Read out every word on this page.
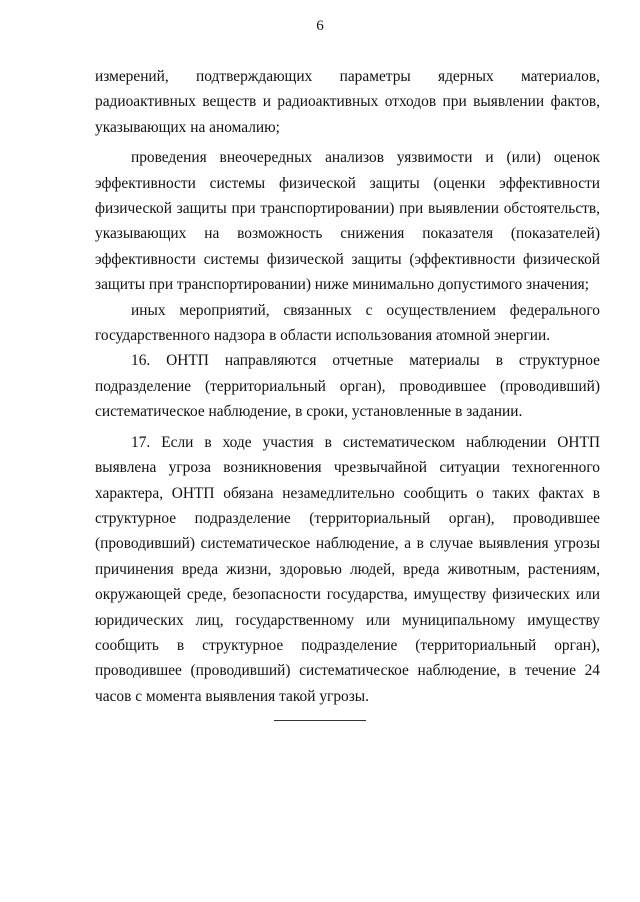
6

измерений, подтверждающих параметры ядерных материалов, радиоактивных веществ и радиоактивных отходов при выявлении фактов, указывающих на аномалию;

проведения внеочередных анализов уязвимости и (или) оценок эффективности системы физической защиты (оценки эффективности физической защиты при транспортировании) при выявлении обстоятельств, указывающих на возможность снижения показателя (показателей) эффективности системы физической защиты (эффективности физической защиты при транспортировании) ниже минимально допустимого значения;

иных мероприятий, связанных с осуществлением федерального государственного надзора в области использования атомной энергии.

16. ОНТП направляются отчетные материалы в структурное подразделение (территориальный орган), проводившее (проводивший) систематическое наблюдение, в сроки, установленные в задании.

17. Если в ходе участия в систематическом наблюдении ОНТП выявлена угроза возникновения чрезвычайной ситуации техногенного характера, ОНТП обязана незамедлительно сообщить о таких фактах в структурное подразделение (территориальный орган), проводившее (проводивший) систематическое наблюдение, а в случае выявления угрозы причинения вреда жизни, здоровью людей, вреда животным, растениям, окружающей среде, безопасности государства, имуществу физических или юридических лиц, государственному или муниципальному имуществу сообщить в структурное подразделение (территориальный орган), проводившее (проводивший) систематическое наблюдение, в течение 24 часов с момента выявления такой угрозы.
